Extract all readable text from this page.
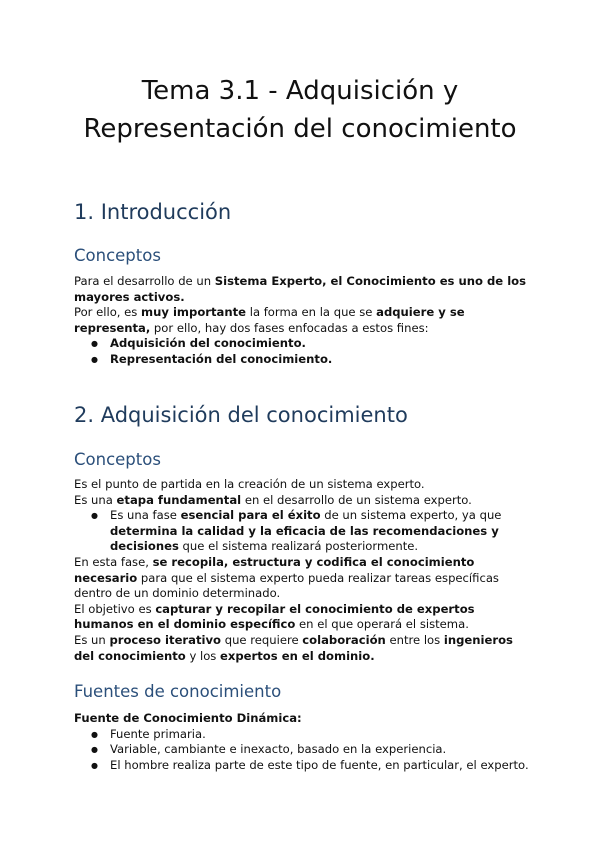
Tema 3.1 - Adquisición y
Representación del conocimiento
1. Introducción
Conceptos

Para el desarrollo de un Sistema Experto, el Conocimiento es uno de los mayores activos.

Por ello, es muy importante la forma en la que se adquiere y se representa, por ello, hay dos fases enfocadas a estos fines:

● Adquisición del conocimiento.
● Representación del conocimiento.
2. Adquisición del conocimiento
Conceptos

Es el punto de partida en la creación de un sistema experto.

Es una etapa fundamental en el desarrollo de un sistema experto.

● Es una fase esencial para el éxito de un sistema experto, ya que determina la calidad y la eficacia de las recomendaciones y decisiones que el sistema realizará posteriormente.

En esta fase, se recopila, estructura y codifica el conocimiento necesario para que el sistema experto pueda realizar tareas específicas dentro de un dominio determinado.

El objetivo es capturar y recopilar el conocimiento de expertos humanos en el dominio específico en el que operará el sistema.

Es un proceso iterativo que requiere colaboración entre los ingenieros del conocimiento y los expertos en el dominio.

Fuentes de conocimiento

Fuente de Conocimiento Dinámica:

● Fuente primaria.
● Variable, cambiante e inexacto, basado en la experiencia.
● El hombre realiza parte de este tipo de fuente, en particular, el experto.
